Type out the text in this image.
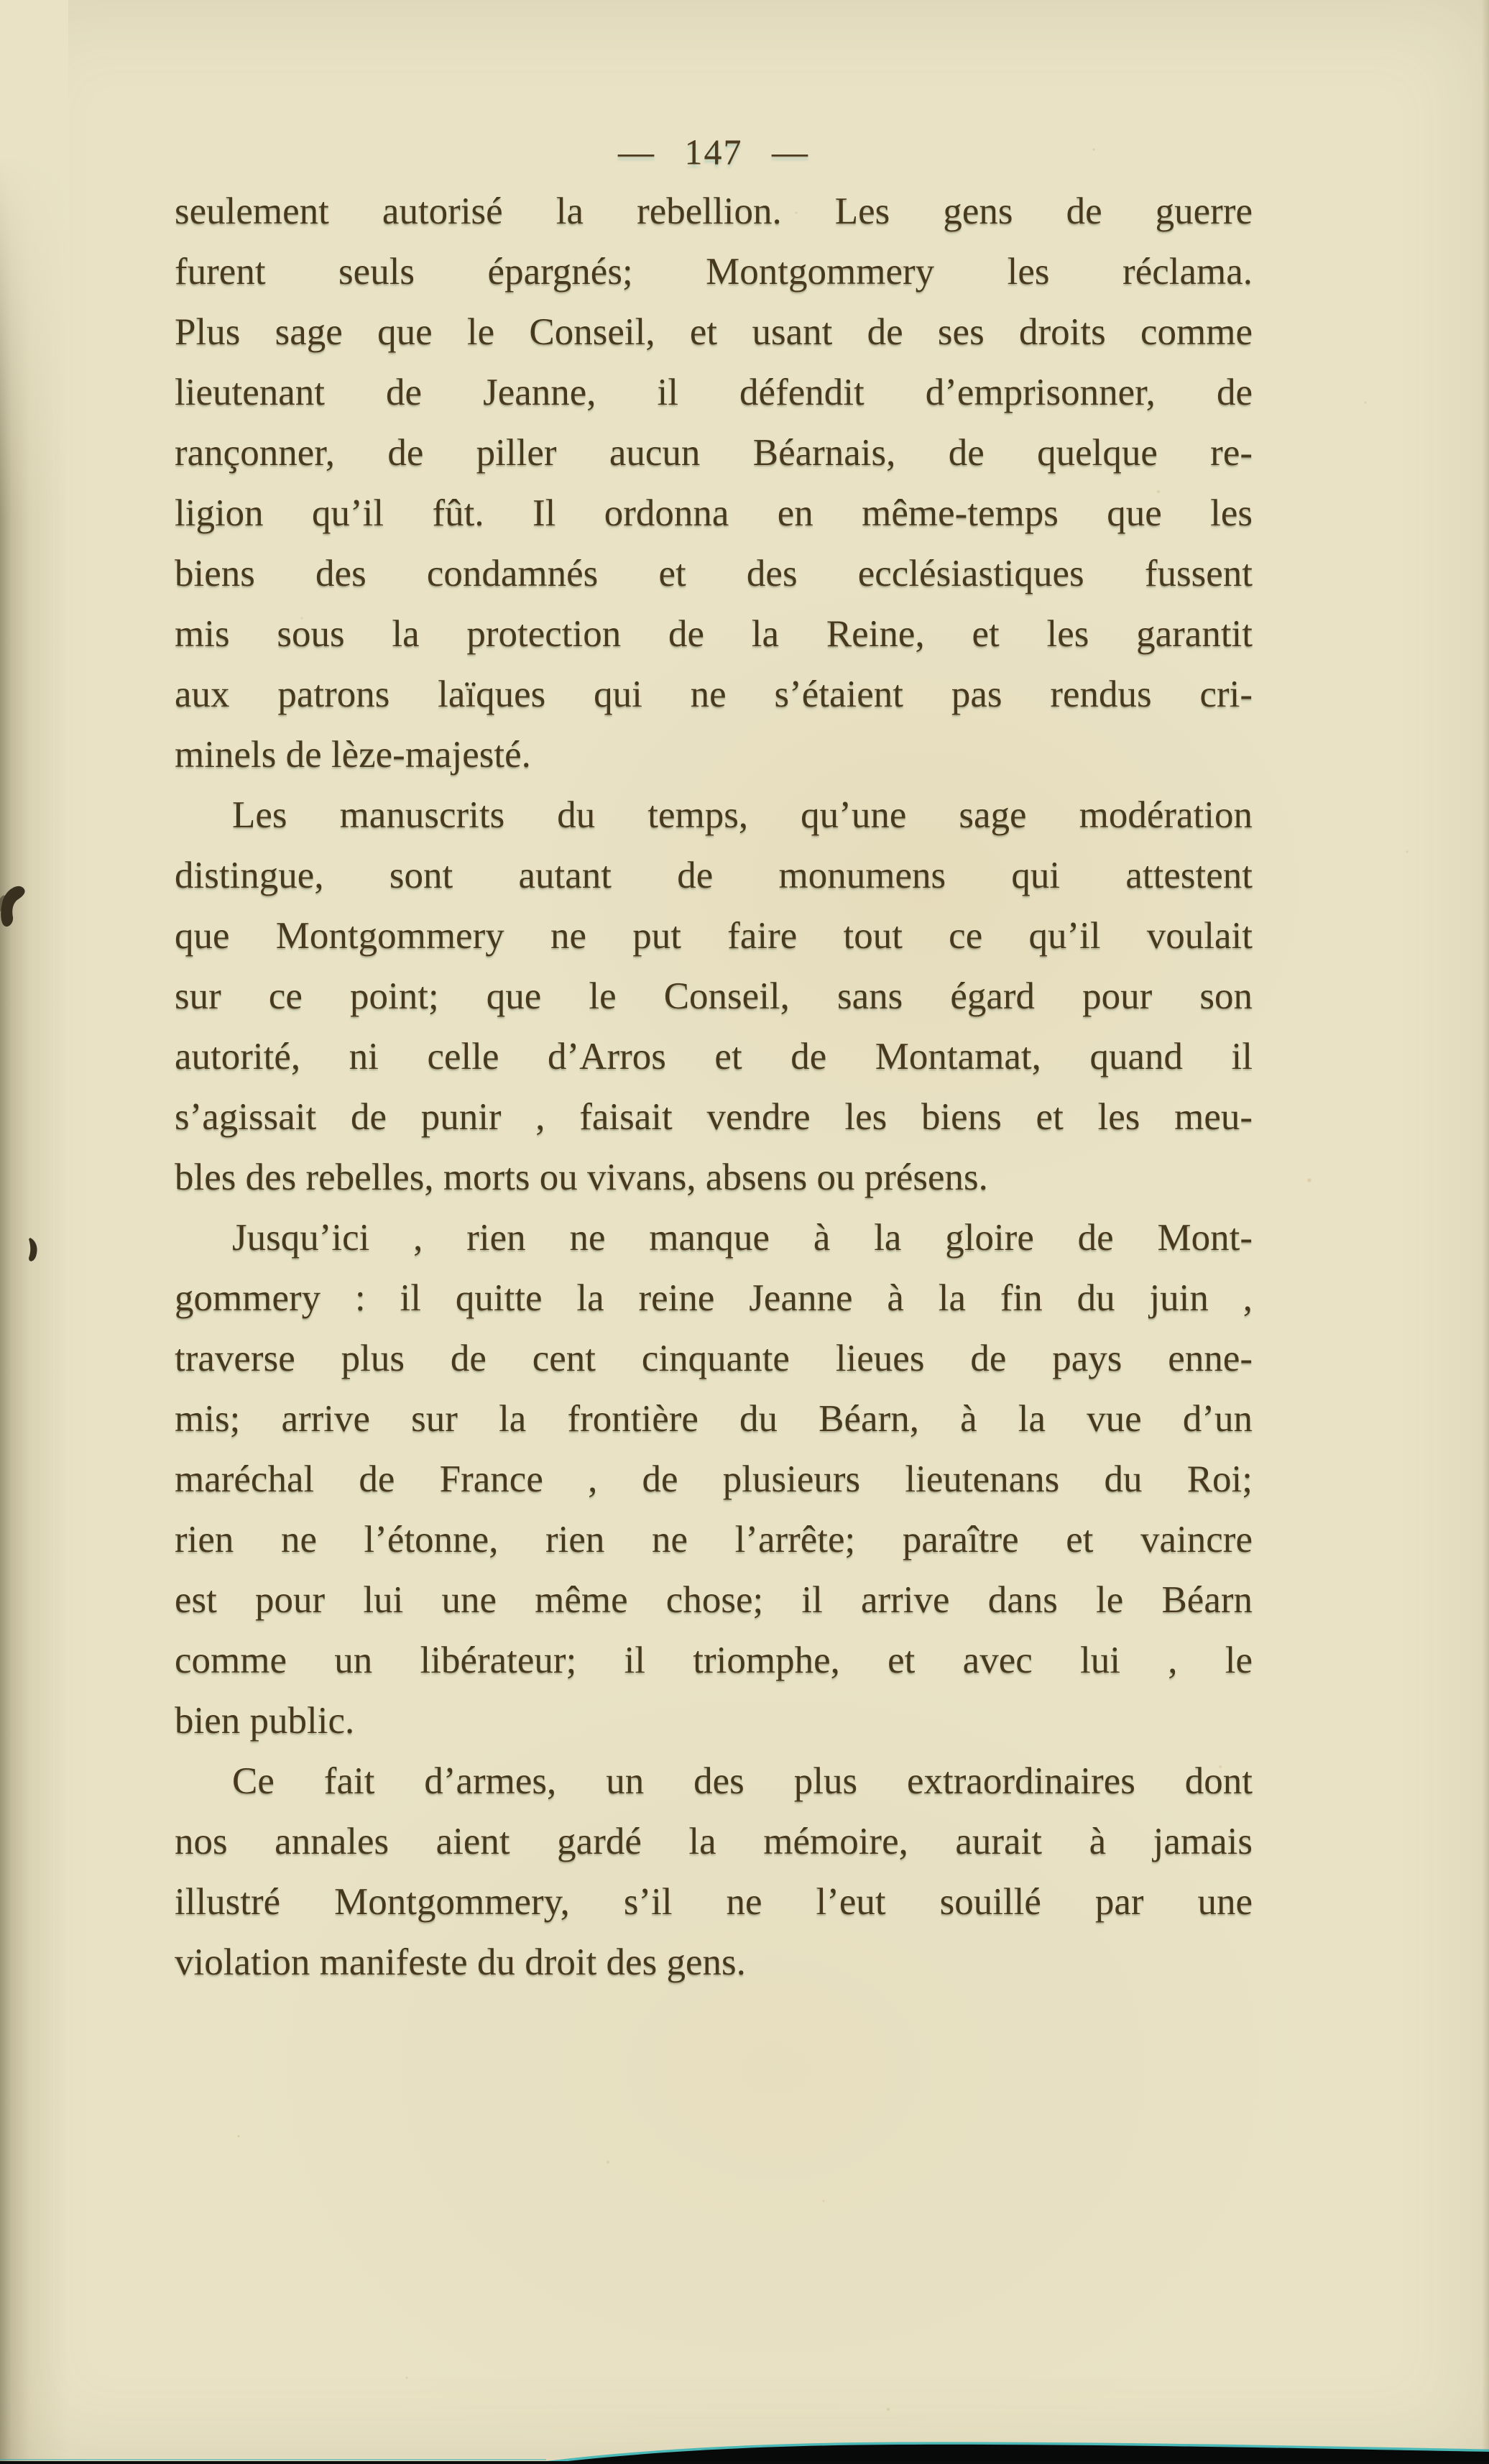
— 147 —
seulement autorisé la rebellion. Les gens de guerre
furent seuls épargnés; Montgommery les réclama.
Plus sage que le Conseil, et usant de ses droits comme
lieutenant de Jeanne, il défendit d’emprisonner, de
rançonner, de piller aucun Béarnais, de quelque re-
ligion qu’il fût. Il ordonna en même-temps que les
biens des condamnés et des ecclésiastiques fussent
mis sous la protection de la Reine, et les garantit
aux patrons laïques qui ne s’étaient pas rendus cri-
minels de lèze-majesté.
Les manuscrits du temps, qu’une sage modération
distingue, sont autant de monumens qui attestent
que Montgommery ne put faire tout ce qu’il voulait
sur ce point; que le Conseil, sans égard pour son
autorité, ni celle d’Arros et de Montamat, quand il
s’agissait de punir , faisait vendre les biens et les meu-
bles des rebelles, morts ou vivans, absens ou présens.
Jusqu’ici , rien ne manque à la gloire de Mont-
gommery : il quitte la reine Jeanne à la fin du juin ,
traverse plus de cent cinquante lieues de pays enne-
mis; arrive sur la frontière du Béarn, à la vue d’un
maréchal de France , de plusieurs lieutenans du Roi;
rien ne l’étonne, rien ne l’arrête; paraître et vaincre
est pour lui une même chose; il arrive dans le Béarn
comme un libérateur; il triomphe, et avec lui , le
bien public.
Ce fait d’armes, un des plus extraordinaires dont
nos annales aient gardé la mémoire, aurait à jamais
illustré Montgommery, s’il ne l’eut souillé par une
violation manifeste du droit des gens.
